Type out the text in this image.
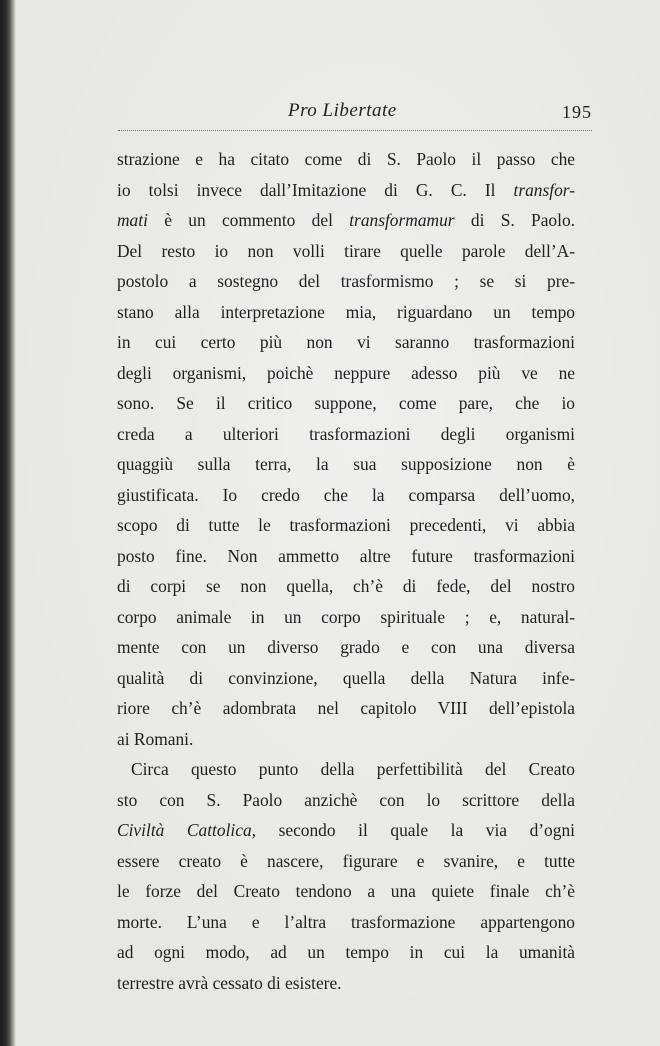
Pro Libertate	195
strazione e ha citato come di S. Paolo il passo che
io tolsi invece dall’Imitazione di G. C. Il transfor-
mati è un commento del transformamur di S. Paolo.
Del resto io non volli tirare quelle parole dell’A-
postolo a sostegno del trasformismo ; se si pre-
stano alla interpretazione mia, riguardano un tempo
in cui certo più non vi saranno trasformazioni
degli organismi, poichè neppure adesso più ve ne
sono. Se il critico suppone, come pare, che io
creda a ulteriori trasformazioni degli organismi
quaggiù sulla terra, la sua supposizione non è
giustificata. Io credo che la comparsa dell’uomo,
scopo di tutte le trasformazioni precedenti, vi abbia
posto fine. Non ammetto altre future trasformazioni
di corpi se non quella, ch’è di fede, del nostro
corpo animale in un corpo spirituale ; e, natural-
mente con un diverso grado e con una diversa
qualità di convinzione, quella della Natura infe-
riore ch’è adombrata nel capitolo VIII dell’epistola
ai Romani.
Circa questo punto della perfettibilità del Creato
sto con S. Paolo anzichè con lo scrittore della
Civiltà Cattolica, secondo il quale la via d’ogni
essere creato è nascere, figurare e svanire, e tutte
le forze del Creato tendono a una quiete finale ch’è
morte. L’una e l’altra trasformazione appartengono
ad ogni modo, ad un tempo in cui la umanità
terrestre avrà cessato di esistere.
